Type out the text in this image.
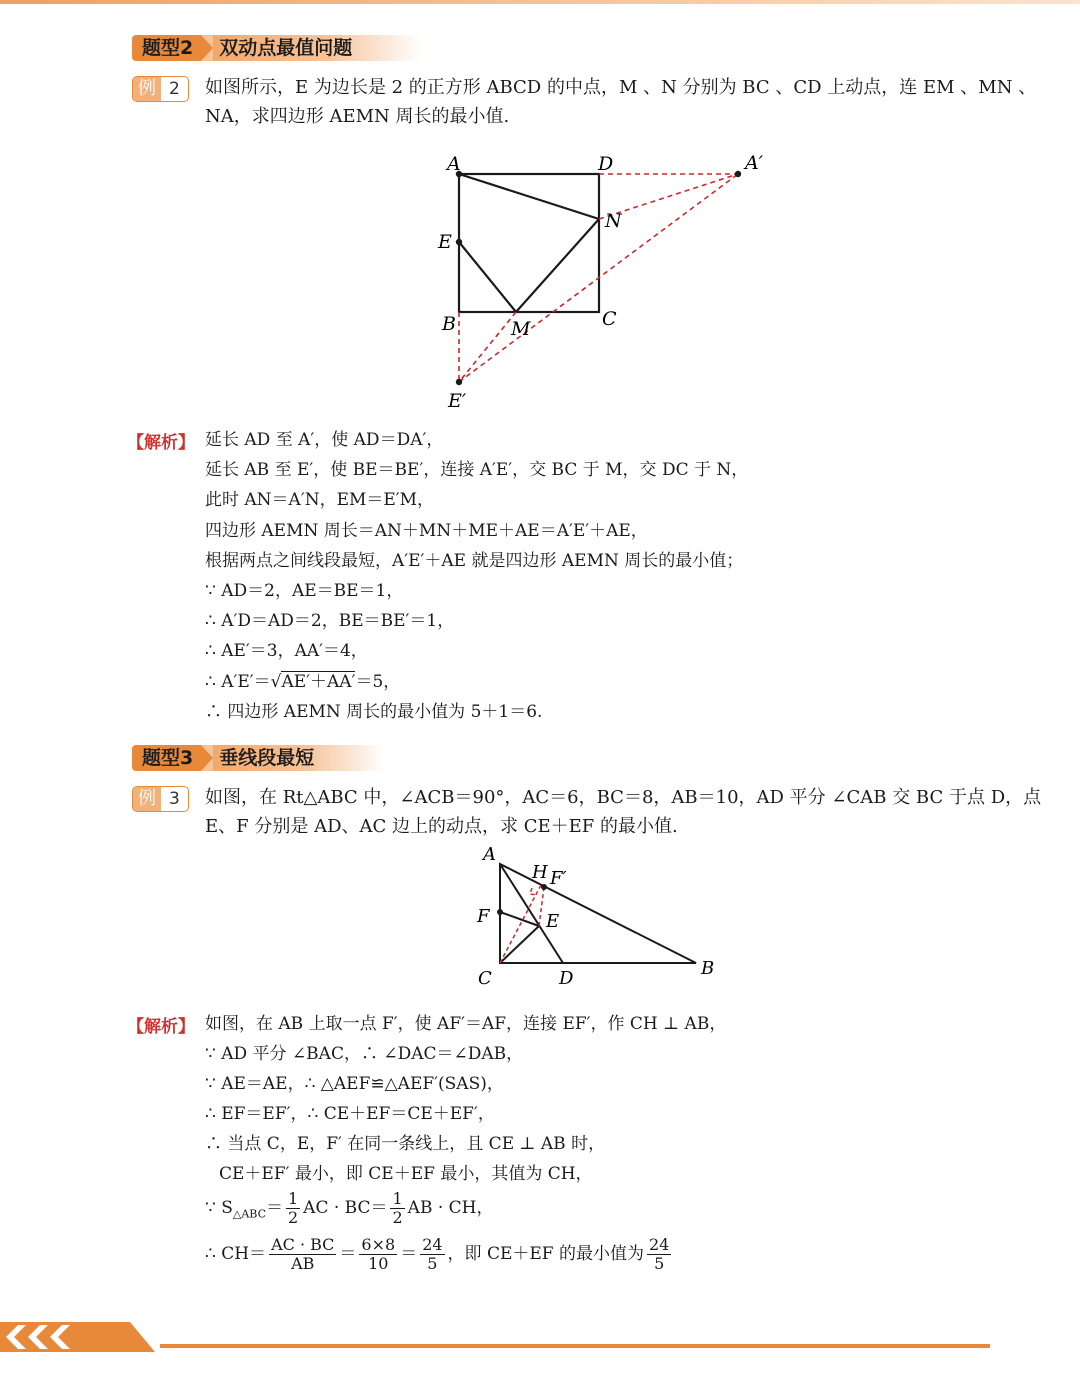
题型2	双动点最值问题
例 2	如图所示，E 为边长是 2 的正方形 ABCD 的中点，M 、N 分别为 BC 、CD 上动点，连 EM 、MN 、
NA，求四边形 AEMN 周长的最小值.
A	D	A′
N
E
B	M	C
E′
【解析】 延长 AD 至 A′，使 AD＝DA′，
延长 AB 至 E′，使 BE＝BE′，连接 A′E′，交 BC 于 M，交 DC 于 N，
此时 AN＝A′N，EM＝E′M，
四边形 AEMN 周长＝AN＋MN＋ME＋AE＝A′E′＋AE，
根据两点之间线段最短，A′E′＋AE 就是四边形 AEMN 周长的最小值；
∵ AD＝2，AE＝BE＝1，
∴ A′D＝AD＝2，BE＝BE′＝1，
∴ AE′＝3，AA′＝4，
∴ A′E′＝√AE′＋AA′＝5，
∴ 四边形 AEMN 周长的最小值为 5＋1＝6.
题型3	垂线段最短
例 3	如图，在 Rt△ABC 中，∠ACB＝90°，AC＝6，BC＝8，AB＝10，AD 平分 ∠CAB 交 BC 于点 D，点
E、F 分别是 AD、AC 边上的动点，求 CE＋EF 的最小值.
A
H F′
F	E
C	D	B
【解析】 如图，在 AB 上取一点 F′，使 AF′＝AF，连接 EF′，作 CH ⊥ AB，
∵ AD 平分 ∠BAC，∴ ∠DAC＝∠DAB，
∵ AE＝AE，∴ △AEF≌△AEF′(SAS)，
∴ EF＝EF′，∴ CE＋EF＝CE＋EF′，
∴ 当点 C，E，F′ 在同一条线上，且 CE ⊥ AB 时，
CE＋EF′ 最小，即 CE＋EF 最小，其值为 CH，
∵ $S_{\triangle ABC}= \frac{1}{2}$ AC · $BC= \frac{1}{2}$ AB · CH，
∴ $CH= \frac{AC \cdot BC}{AB} = \frac{6\times 8}{10} = \frac{24}{5}$ ，即 CE＋EF 的最小值为 $\frac{24}{5}$
